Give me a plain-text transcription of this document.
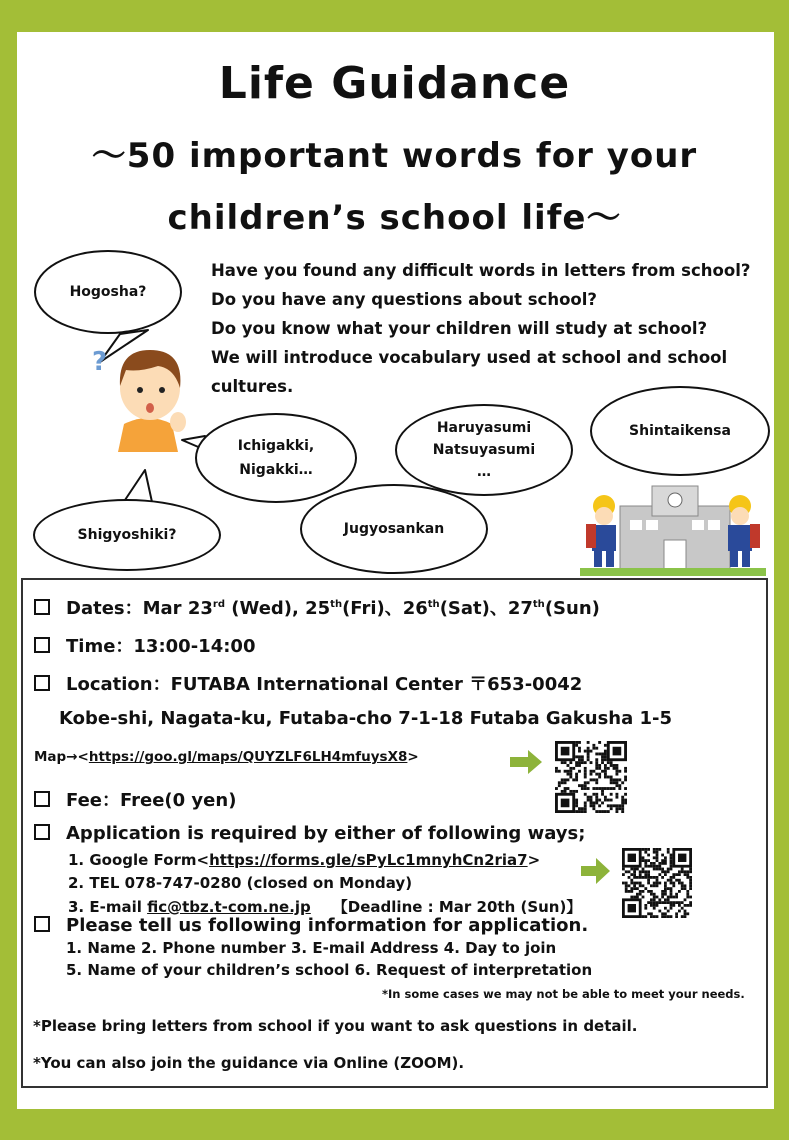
Life Guidance
～50 important words for your
children’s school life～
Have you found any difficult words in letters from school?
Do you have any questions about school?
Do you know what your children will study at school?
We will introduce vocabulary used at school and school
cultures.
Hogosha?
Ichigakki,
Nigakki…
Haruyasumi
Natsuyasumi
…
Shintaikensa
Shigyoshiki?	Jugyosankan
?
Dates：Mar 23rd (Wed), 25th(Fri)、26th(Sat)、27th(Sun)
Time：13:00-14:00
Location：FUTABA International Center 〒653-0042
Kobe-shi, Nagata-ku, Futaba-cho 7-1-18 Futaba Gakusha 1-5
Map→<https://goo.gl/maps/QUYZLF6LH4mfuysX8>
Fee：Free(0 yen)
Application is required by either of following ways;
1. Google Form<https://forms.gle/sPyLc1mnyhCn2ria7>
2. TEL 078-747-0280 (closed on Monday)
3. E-mail fic@tbz.t-com.ne.jp 【Deadline : Mar 20th (Sun)】
Please tell us following information for application.
1. Name 2. Phone number 3. E-mail Address 4. Day to join
5. Name of your children’s school 6. Request of interpretation
*In some cases we may not be able to meet your needs.
*Please bring letters from school if you want to ask questions in detail.
*You can also join the guidance via Online (ZOOM).
